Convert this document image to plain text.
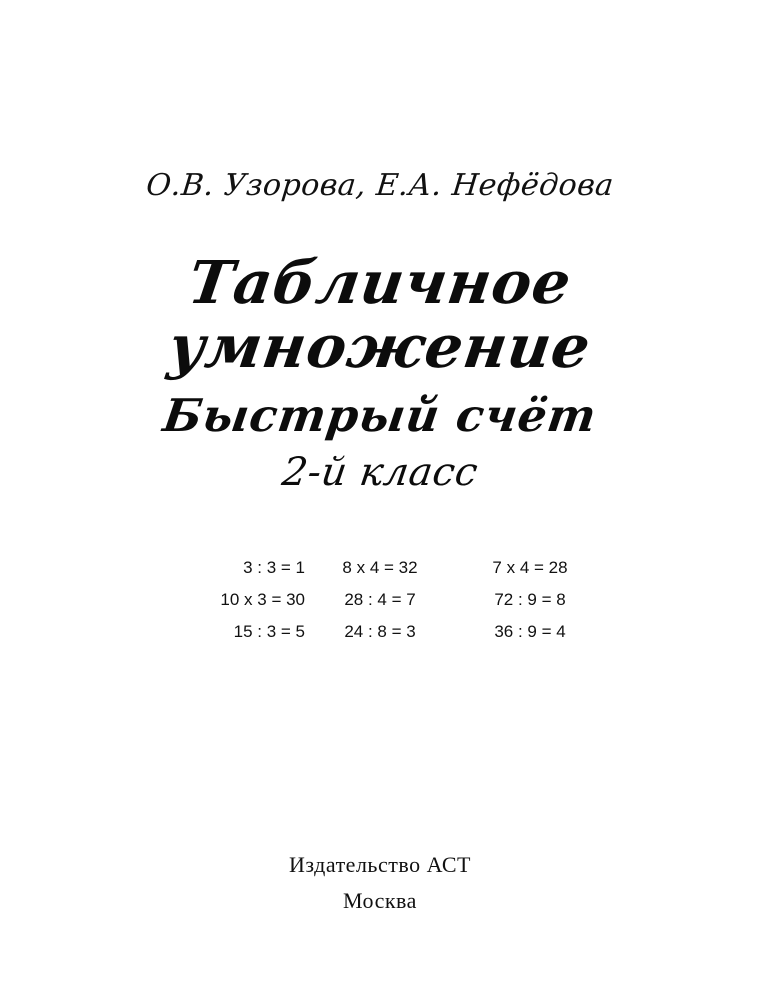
О.В. Узорова, Е.А. Нефёдова
Табличное
умножение
Быстрый счёт
2-й класс
3 : 3 = 1	8 х 4 = 32	7 х 4 = 28
10 х 3 = 30	28 : 4 = 7	72 : 9 = 8
15 : 3 = 5	24 : 8 = 3	36 : 9 = 4
Издательство АСТ
Москва
